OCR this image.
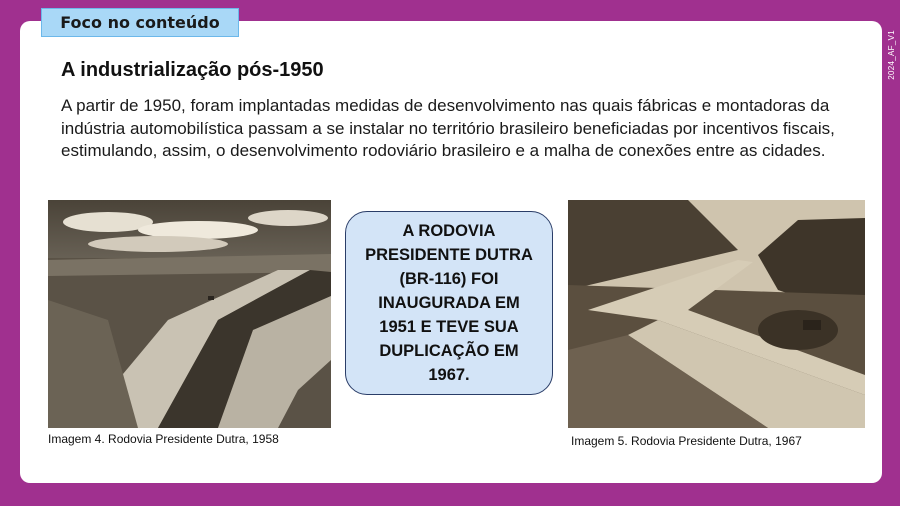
Foco no conteúdo
2024_AF_V1
A industrialização pós-1950
A partir de 1950, foram implantadas medidas de desenvolvimento nas quais fábricas e montadoras da indústria automobilística passam a se instalar no território brasileiro beneficiadas por incentivos fiscais, estimulando, assim, o desenvolvimento rodoviário brasileiro e a malha de conexões entre as cidades.
Imagem 4. Rodovia Presidente Dutra, 1958
A RODOVIA PRESIDENTE DUTRA (BR-116) FOI INAUGURADA EM 1951 E TEVE SUA DUPLICAÇÃO EM 1967.
Imagem 5. Rodovia Presidente Dutra, 1967
